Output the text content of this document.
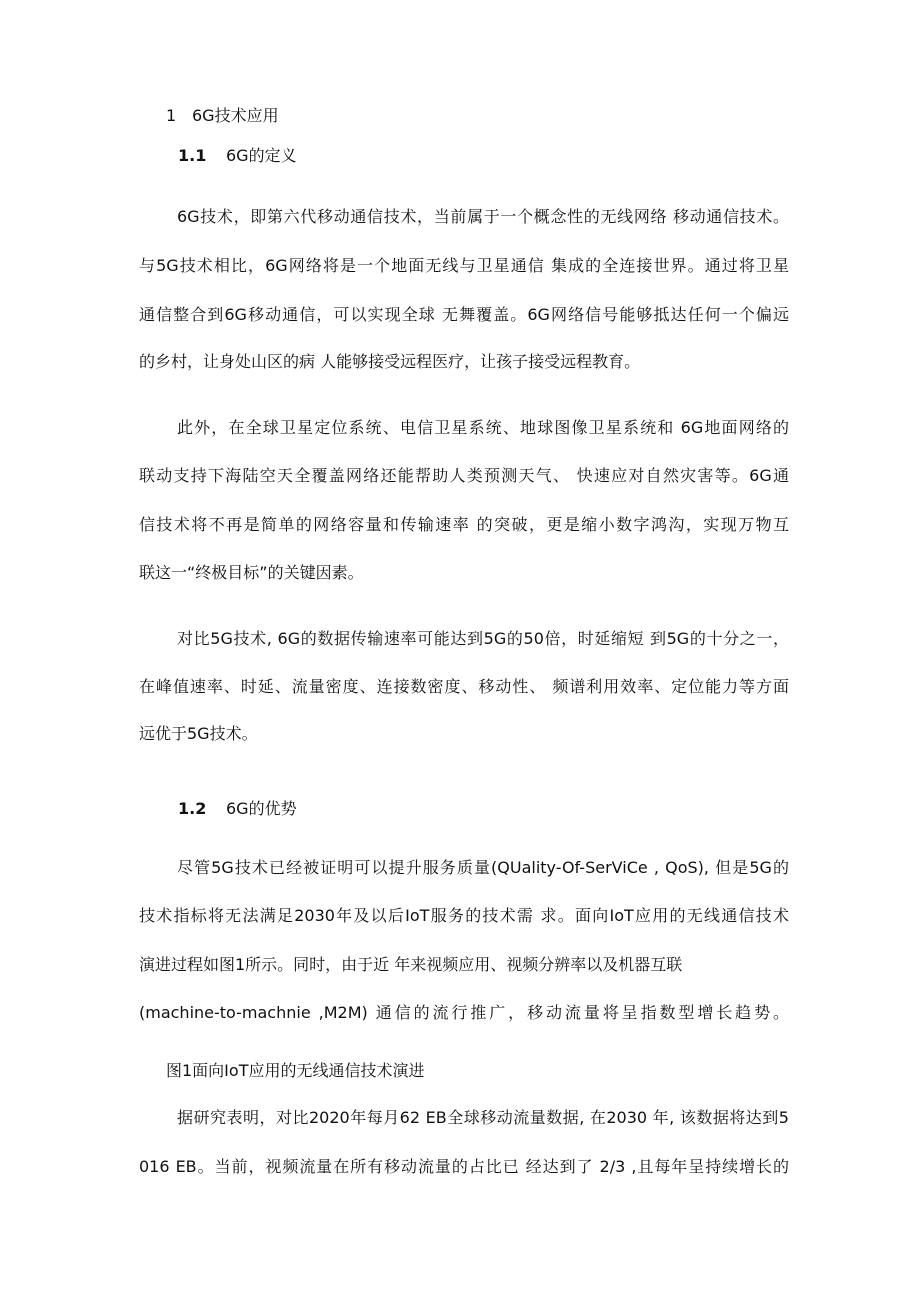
1 6G技术应用
1.1 6G的定义
6G技术，即第六代移动通信技术，当前属于一个概念性的无线网络 移动通信技术。
与5G技术相比，6G网络将是一个地面无线与卫星通信 集成的全连接世界。通过将卫星
通信整合到6G移动通信，可以实现全球 无舞覆盖。6G网络信号能够抵达任何一个偏远
的乡村，让身处山区的病 人能够接受远程医疗，让孩子接受远程教育。
此外，在全球卫星定位系统、电信卫星系统、地球图像卫星系统和 6G地面网络的
联动支持下海陆空天全覆盖网络还能帮助人类预测天气、 快速应对自然灾害等。6G通
信技术将不再是简单的网络容量和传输速率 的突破，更是缩小数字鸿沟，实现万物互
联这一“终极目标”的关键因素。
对比5G技术, 6G的数据传输速率可能达到5G的50倍，时延缩短 到5G的十分之一，
在峰值速率、时延、流量密度、连接数密度、移动性、 频谱利用效率、定位能力等方面
远优于5G技术。
1.2 6G的优势
尽管5G技术已经被证明可以提升服务质量(QUality-Of-SerViCe , QoS), 但是5G的
技术指标将无法满足2030年及以后IoT服务的技术需 求。面向IoT应用的无线通信技术
演进过程如图1所示。同时，由于近 年来视频应用、视频分辨率以及机器互联
(machine-to-machnie ,M2M) 通信的流行推广，移动流量将呈指数型增长趋势。
图1面向IoT应用的无线通信技术演进
据研究表明，对比2020年每月62 EB全球移动流量数据, 在2030 年, 该数据将达到5
016 EB。当前，视频流量在所有移动流量的占比已 经达到了 2/3 ,且每年呈持续增长的
